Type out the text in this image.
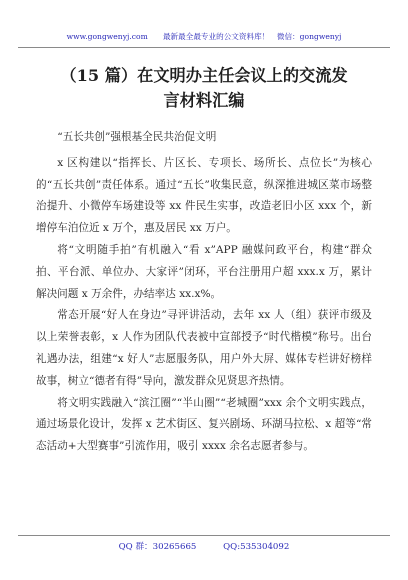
www.gongwenyj.com　　最新最全最专业的公文资料库！　微信：gongwenyj
（15 篇）在文明办主任会议上的交流发
言材料汇编

“五长共创”强根基全民共治促文明

x 区构建以“指挥长、片区长、专项长、场所长、点位长”为核心的“五长共创”责任体系。通过“五长”收集民意，纵深推进城区菜市场整治提升、小微停车场建设等 xx 件民生实事，改造老旧小区 xxx 个，新增停车泊位近 x 万个，惠及居民 xx 万户。

将“文明随手拍”有机融入“看 x”APP 融媒问政平台，构建“群众拍、平台派、单位办、大家评”闭环，平台注册用户超 xxx.x 万，累计解决问题 x 万余件，办结率达 xx.x%。

常态开展“好人在身边”寻评讲活动，去年 xx 人（组）获评市级及以上荣誉表彰，x 人作为团队代表被中宣部授予“时代楷模”称号。出台礼遇办法，组建“x 好人”志愿服务队，用户外大屏、媒体专栏讲好榜样故事，树立“德者有得”导向，激发群众见贤思齐热情。

将文明实践融入“滨江圈”“半山圈”“老城圈”xxx 余个文明实践点，通过场景化设计，发挥 x 艺术街区、复兴剧场、环湖马拉松、x 超等“常态活动+大型赛事”引流作用，吸引 xxxx 余名志愿者参与。

QQ 群：30265665	QQ:535304092
